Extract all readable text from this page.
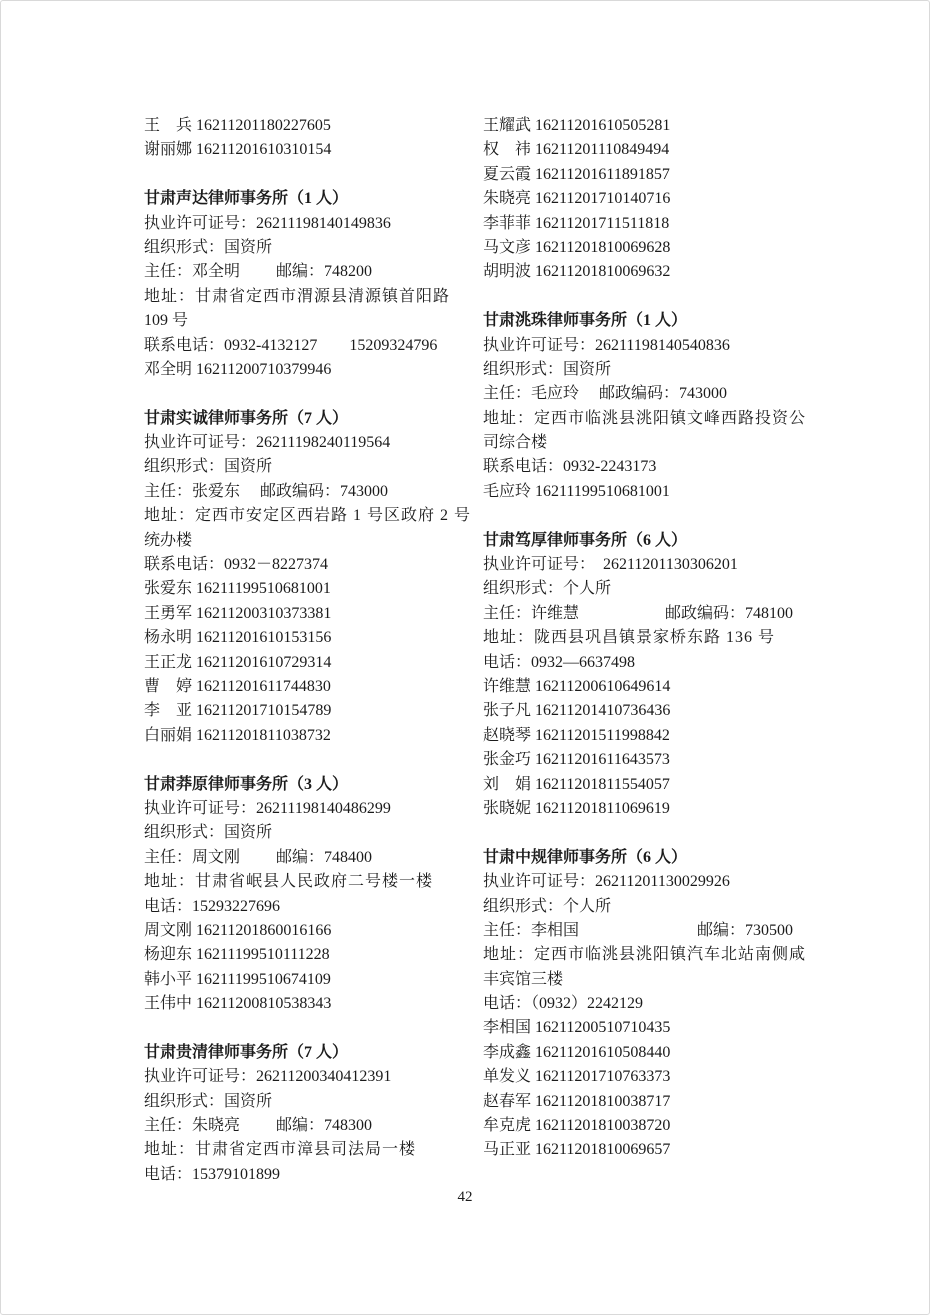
王　兵 16211201180227605
谢丽娜 16211201610310154
甘肃声达律师事务所（1 人）
执业许可证号：26211198140149836
组织形式：国资所
主任：邓全明　　 邮编：748200
地址：甘肃省定西市渭源县清源镇首阳路
109 号
联系电话：0932-4132127　　15209324796
邓全明 16211200710379946
甘肃实诚律师事务所（7 人）
执业许可证号：26211198240119564
组织形式：国资所
主任：张爱东　 邮政编码：743000
地址：定西市安定区西岩路 1 号区政府 2 号
统办楼
联系电话：0932－8227374
张爱东 16211199510681001
王勇军 16211200310373381
杨永明 16211201610153156
王正龙 16211201610729314
曹　婷 16211201611744830
李　亚 16211201710154789
白丽娟 16211201811038732
甘肃莽原律师事务所（3 人）
执业许可证号：26211198140486299
组织形式：国资所
主任：周文刚　　 邮编：748400
地址：甘肃省岷县人民政府二号楼一楼
电话：15293227696
周文刚 16211201860016166
杨迎东 16211199510111228
韩小平 16211199510674109
王伟中 16211200810538343
甘肃贵清律师事务所（7 人）
执业许可证号：26211200340412391
组织形式：国资所
主任：朱晓亮　　 邮编：748300
地址：甘肃省定西市漳县司法局一楼
电话：15379101899
王耀武 16211201610505281
权　祎 16211201110849494
夏云霞 16211201611891857
朱晓亮 16211201710140716
李菲菲 16211201711511818
马文彦 16211201810069628
胡明波 16211201810069632
甘肃洮珠律师事务所（1 人）
执业许可证号：26211198140540836
组织形式：国资所
主任：毛应玲　 邮政编码：743000
地址：定西市临洮县洮阳镇文峰西路投资公
司综合楼
联系电话：0932-2243173
毛应玲 16211199510681001
甘肃笃厚律师事务所（6 人）
执业许可证号：　26211201130306201
组织形式：个人所
主任：许维慧	邮政编码：748100
地址：陇西县巩昌镇景家桥东路 136 号
电话：0932—6637498
许维慧 16211200610649614
张子凡 16211201410736436
赵晓琴 16211201511998842
张金巧 16211201611643573
刘　娟 16211201811554057
张晓妮 16211201811069619
甘肃中规律师事务所（6 人）
执业许可证号：26211201130029926
组织形式：个人所
主任：李相国	邮编：730500
地址：定西市临洮县洮阳镇汽车北站南侧咸
丰宾馆三楼
电话：（0932）2242129
李相国 16211200510710435
李成鑫 16211201610508440
单发义 16211201710763373
赵春军 16211201810038717
牟克虎 16211201810038720
马正亚 16211201810069657
42
